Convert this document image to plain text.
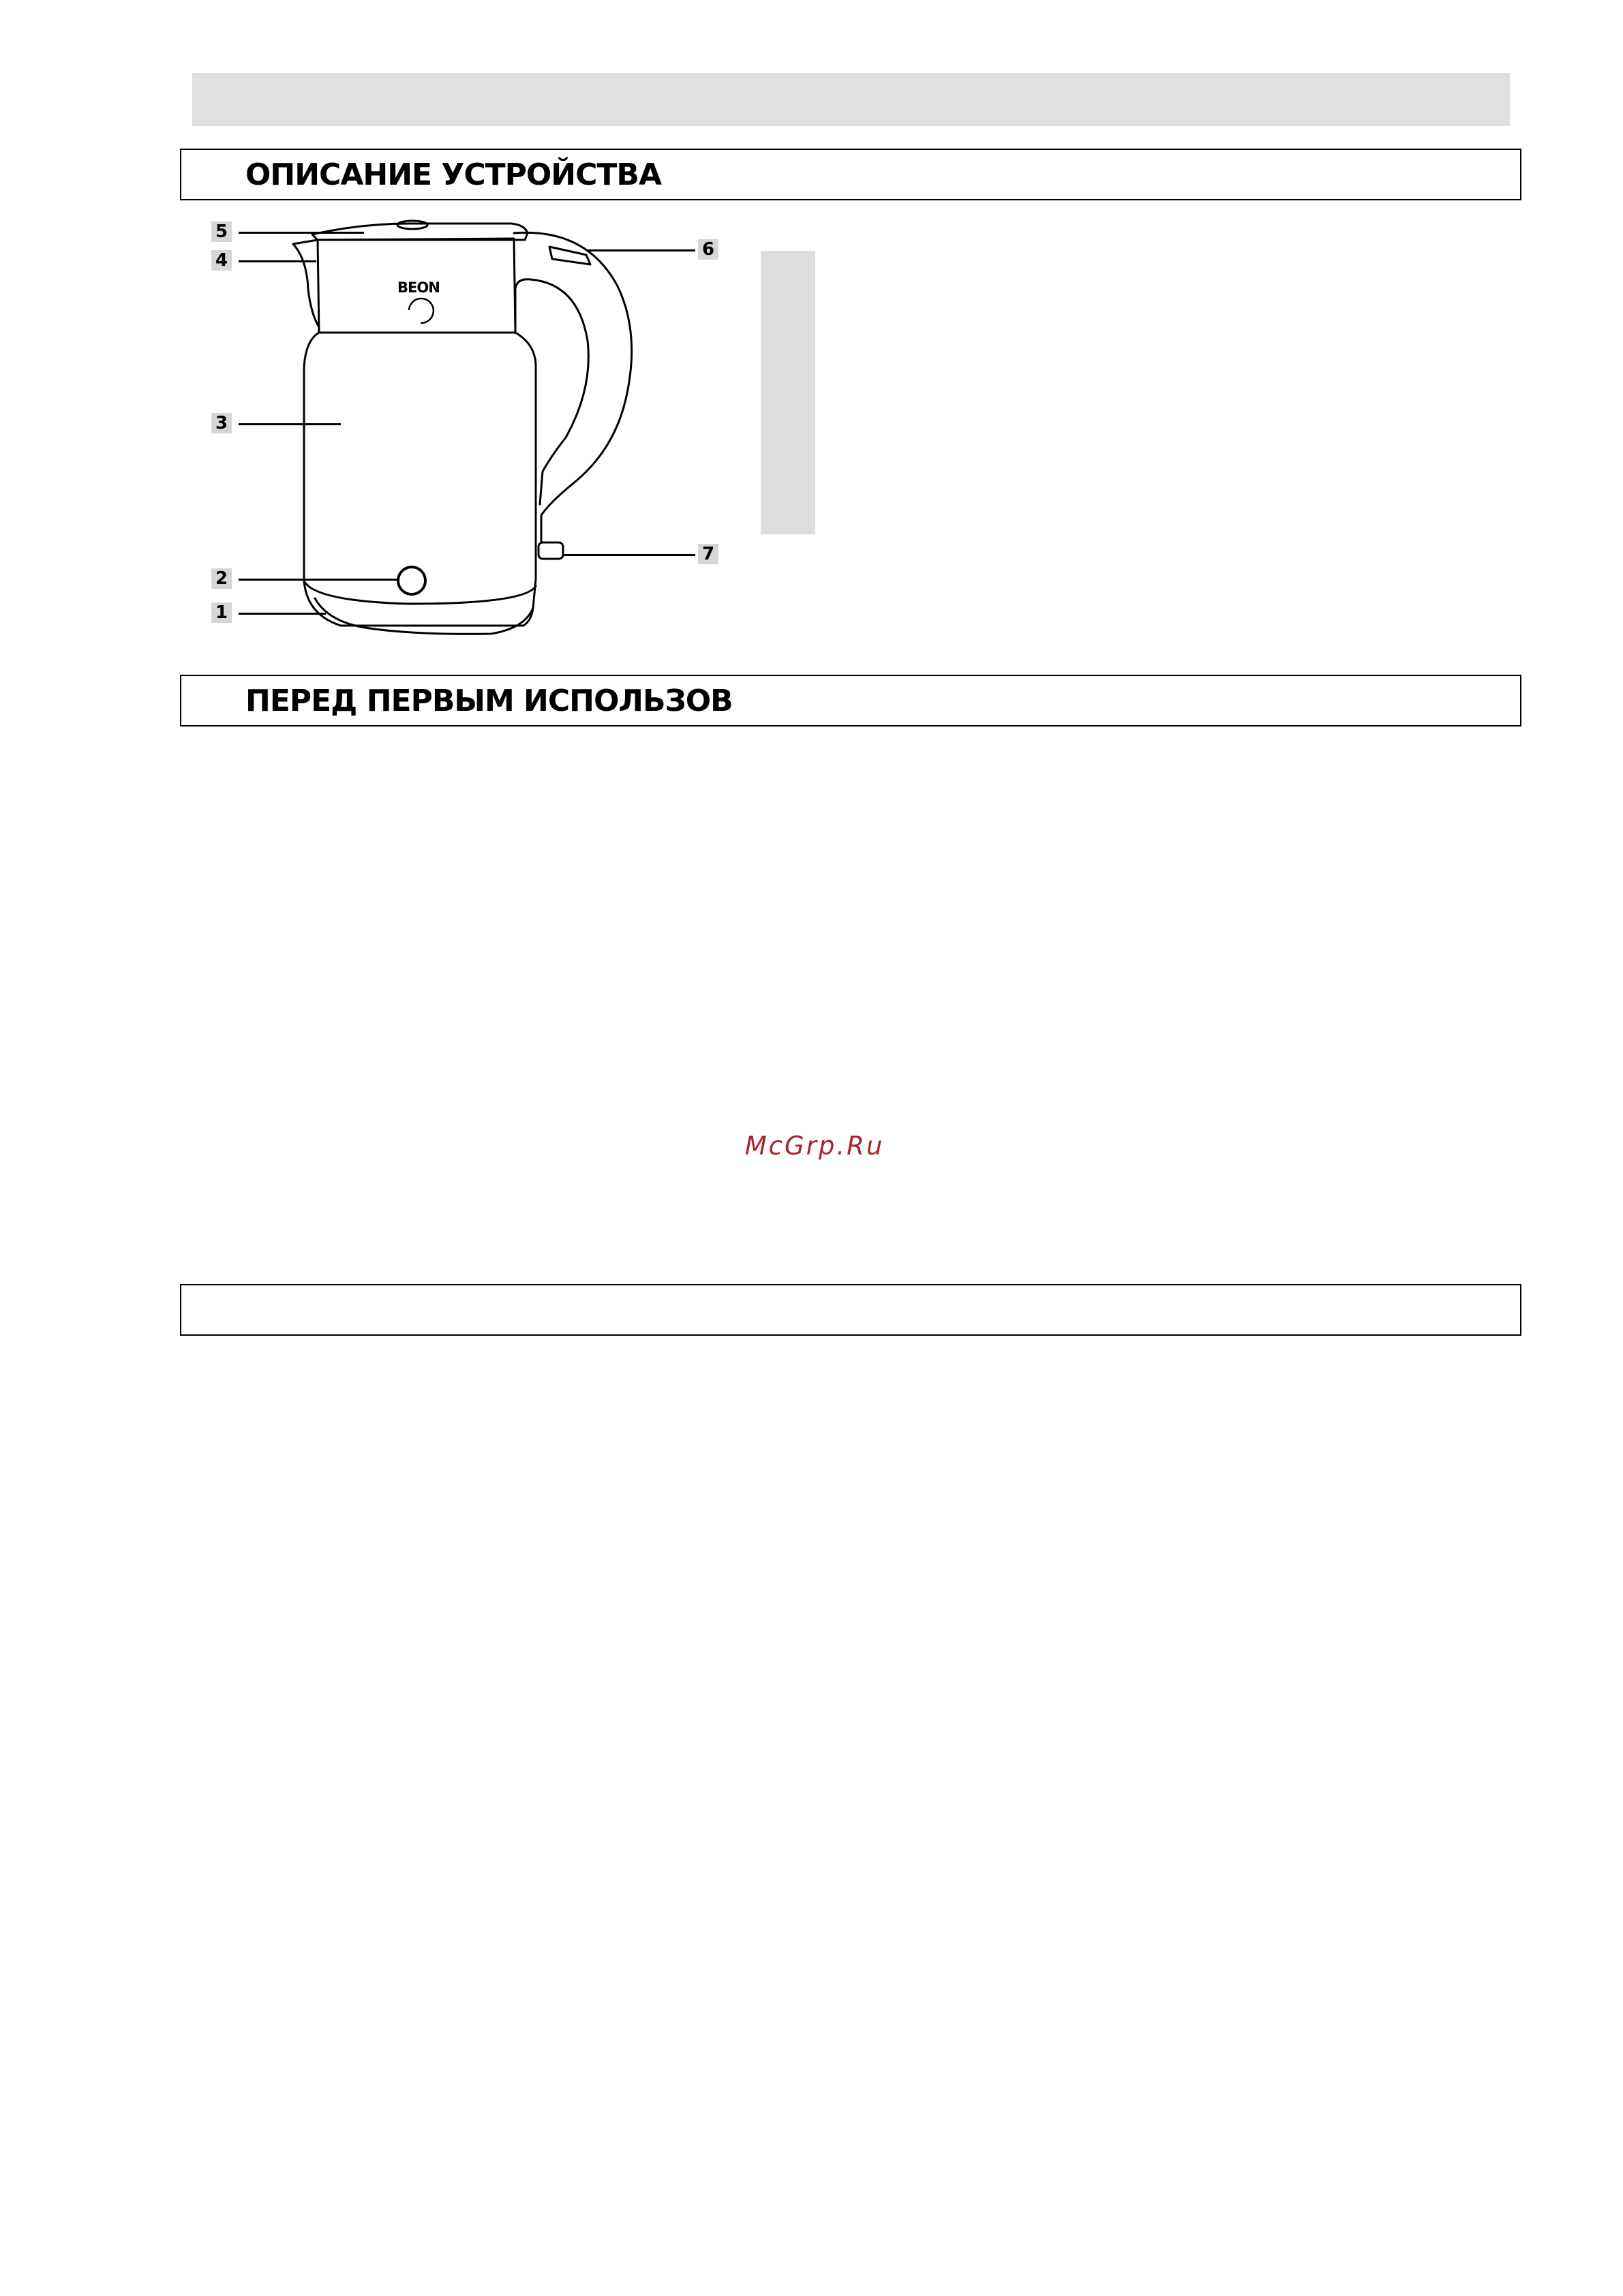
ОПИСАНИЕ УСТРОЙСТВА
BEON
5
4
3
2
1
6
7
ПЕРЕД ПЕРВЫМ ИСПОЛЬЗОВ
McGrp.Ru
